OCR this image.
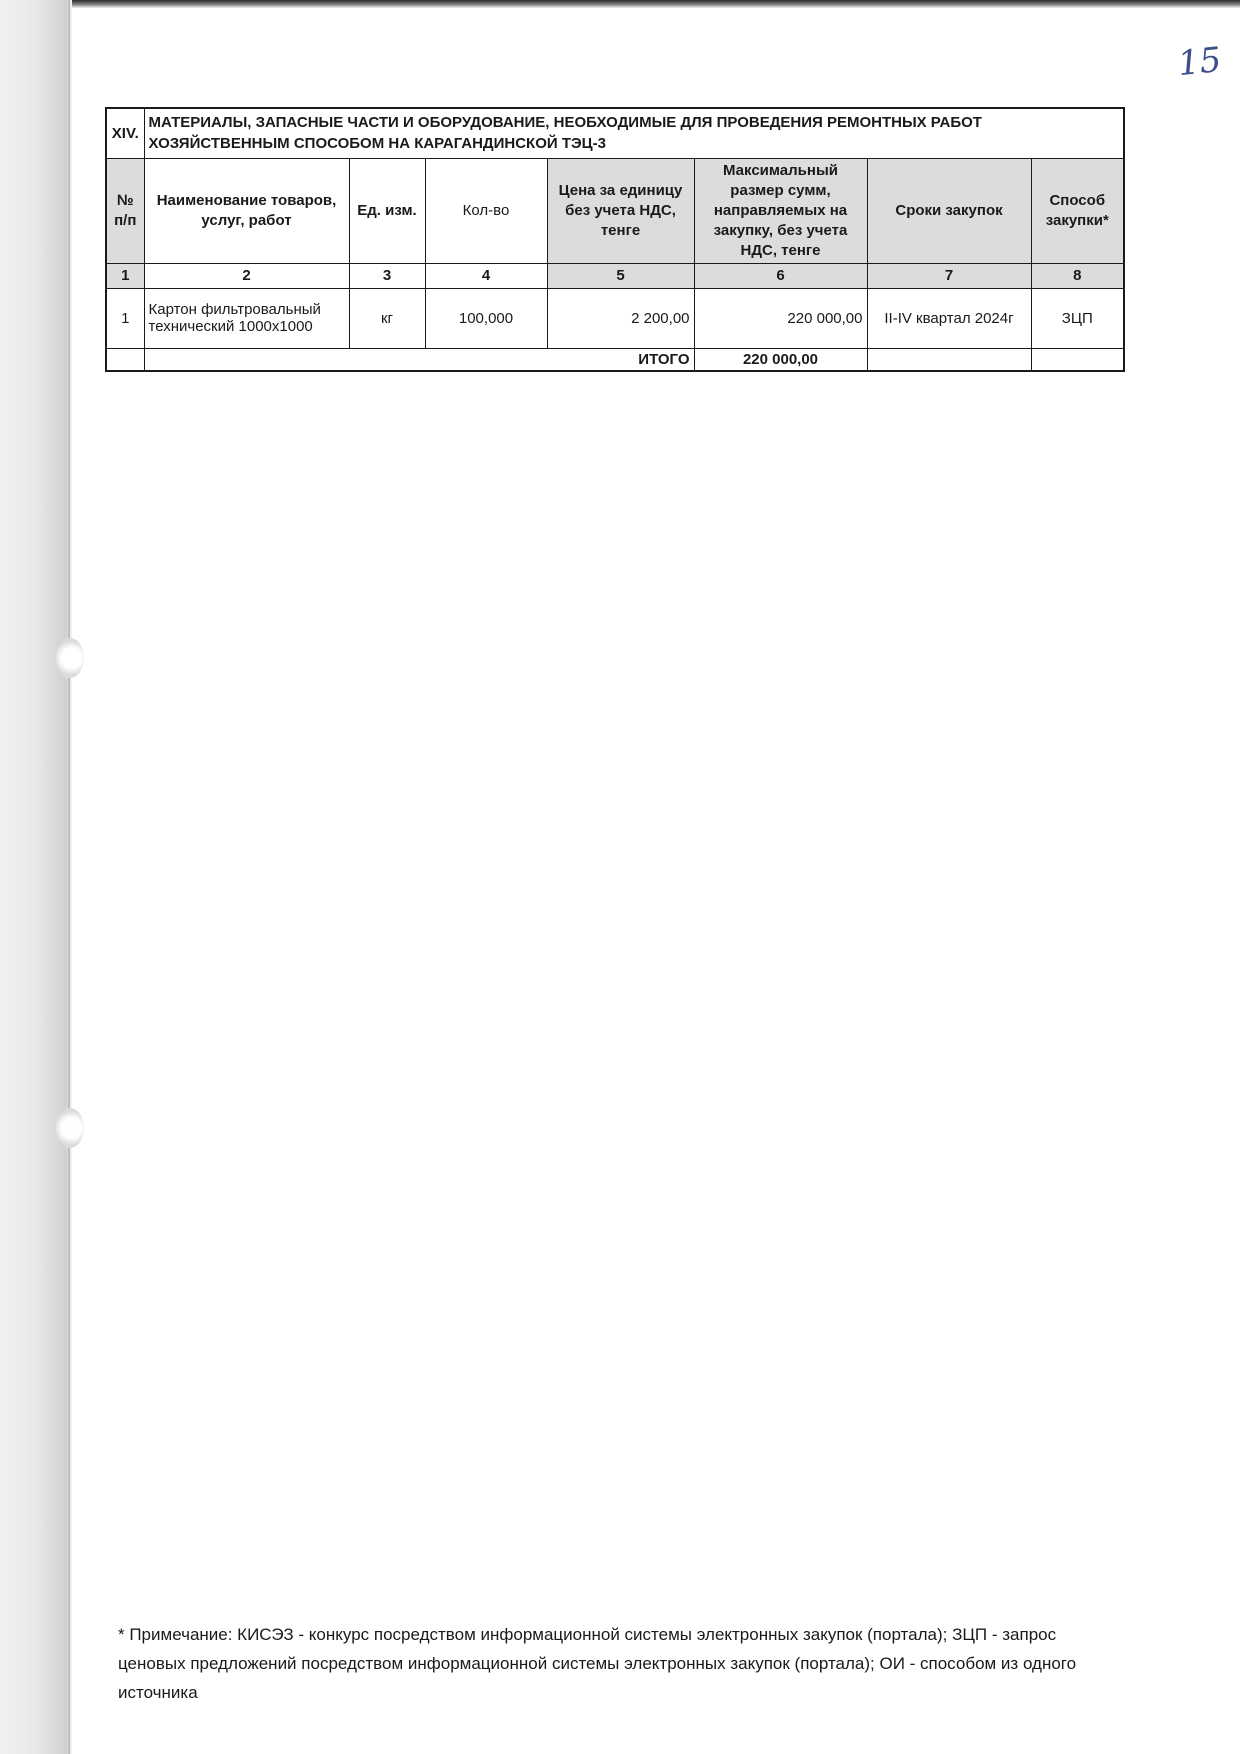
15
XIV.	МАТЕРИАЛЫ, ЗАПАСНЫЕ ЧАСТИ И ОБОРУДОВАНИЕ, НЕОБХОДИМЫЕ ДЛЯ ПРОВЕДЕНИЯ РЕМОНТНЫХ РАБОТ ХОЗЯЙСТВЕННЫМ СПОСОБОМ НА КАРАГАНДИНСКОЙ ТЭЦ-3						
№ п/п	Наименование товаров, услуг, работ	Ед. изм.	Кол-во	Цена за единицу без учета НДС, тенге	Максимальный размер сумм, направляемых на закупку, без учета НДС, тенге	Сроки закупок	Способ закупки*
1	2	3	4	5	6	7	8
1	Картон фильтровальный технический 1000x1000	кг	100,000	2 200,00	220 000,00	II-IV квартал 2024г	ЗЦП
	ИТОГО				220 000,00		
* Примечание: КИСЭЗ - конкурс посредством информационной системы электронных закупок (портала); ЗЦП - запрос ценовых предложений посредством информационной системы электронных закупок (портала); ОИ - способом из одного источника
